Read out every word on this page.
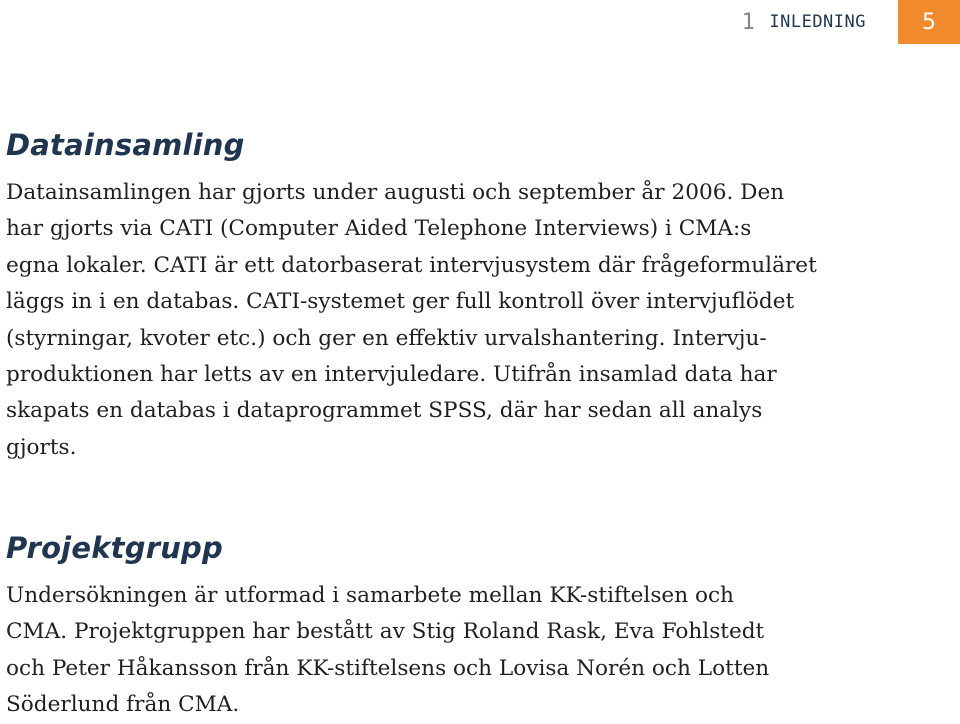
1 INLEDNING	5
Datainsamling

Datainsamlingen har gjorts under augusti och september år 2006. Den
har gjorts via CATI (Computer Aided Telephone Interviews) i CMA:s
egna lokaler. CATI är ett datorbaserat intervjusystem där frågeformuläret
läggs in i en databas. CATI-systemet ger full kontroll över intervjuflödet
(styrningar, kvoter etc.) och ger en effektiv urvalshantering. Intervju-
produktionen har letts av en intervjuledare. Utifrån insamlad data har
skapats en databas i dataprogrammet SPSS, där har sedan all analys
gjorts.

Projektgrupp

Undersökningen är utformad i samarbete mellan KK-stiftelsen och
CMA. Projektgruppen har bestått av Stig Roland Rask, Eva Fohlstedt
och Peter Håkansson från KK-stiftelsens och Lovisa Norén och Lotten
Söderlund från CMA.
